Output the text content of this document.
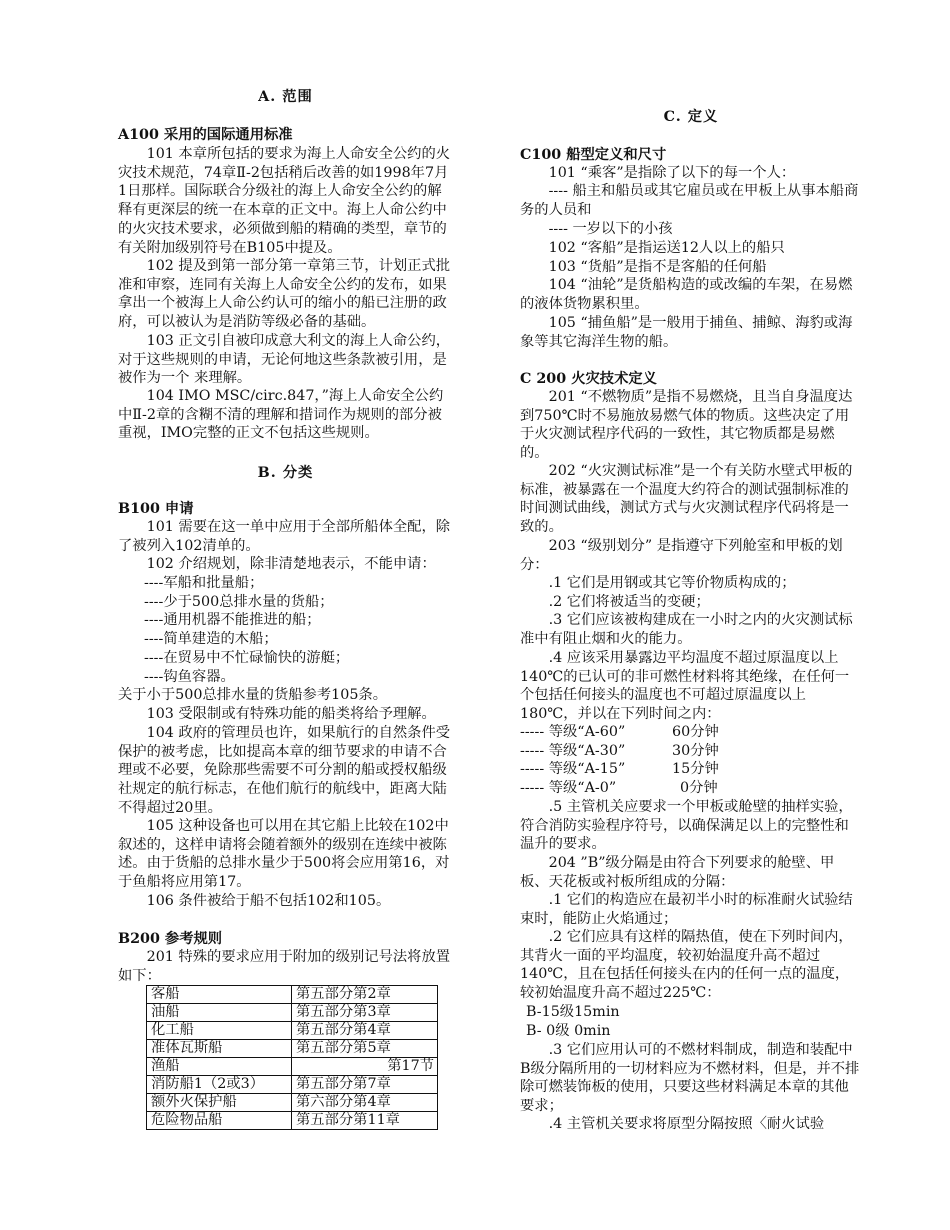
A. 范围
A100 采用的国际通用标准
101 本章所包括的要求为海上人命安全公约的火灾技术规范，74章Ⅱ-2包括稍后改善的如1998年7月1日那样。国际联合分级社的海上人命安全公约的解释有更深层的统一在本章的正文中。海上人命公约中的火灾技术要求，必须做到船的精确的类型，章节的有关附加级别符号在B105中提及。
102 提及到第一部分第一章第三节，计划正式批准和审察，连同有关海上人命安全公约的发布，如果拿出一个被海上人命公约认可的缩小的船已注册的政府，可以被认为是消防等级必备的基础。
103 正文引自被印成意大利文的海上人命公约，对于这些规则的申请，无论何地这些条款被引用，是被作为一个 来理解。
104 IMO MSC/circ.847，”海上人命安全公约中Ⅱ-2章的含糊不清的理解和措词作为规则的部分被重视，IMO完整的正文不包括这些规则。
B. 分类
B100 申请
101 需要在这一单中应用于全部所船体全配，除了被列入102清单的。
102 介绍规划，除非清楚地表示，不能申请：
----军船和批量船；
----少于500总排水量的货船；
----通用机器不能推进的船；
----简单建造的木船；
----在贸易中不忙碌愉快的游艇；
----钩鱼容器。
关于小于500总排水量的货船参考105条。
103 受限制或有特殊功能的船类将给予理解。
104 政府的管理员也许，如果航行的自然条件受保护的被考虑，比如提高本章的细节要求的申请不合理或不必要，免除那些需要不可分割的船或授权船级社规定的航行标志，在他们航行的航线中，距离大陆不得超过20里。
105 这种设备也可以用在其它船上比较在102中叙述的，这样申请将会随着额外的级别在连续中被陈述。由于货船的总排水量少于500将会应用第16，对于鱼船将应用第17。
106 条件被给于船不包括102和105。
B200 参考规则
201 特殊的要求应用于附加的级别记号法将放置如下：
客船	第五部分第2章
油船	第五部分第3章
化工船	第五部分第4章
准体瓦斯船	第五部分第5章
渔船	第17节
消防船1（2或3）	第五部分第7章
额外火保护船	第六部分第4章
危险物品船	第五部分第11章
C. 定义
C100 船型定义和尺寸
101 “乘客”是指除了以下的每一个人：
---- 船主和船员或其它雇员或在甲板上从事本船商务的人员和
---- 一岁以下的小孩
102 “客船”是指运送12人以上的船只
103 “货船”是指不是客船的任何船
104 “油轮”是货船构造的或改编的车架，在易燃的液体货物累积里。
105 “捕鱼船”是一般用于捕鱼、捕鲸、海豹或海象等其它海洋生物的船。
C 200 火灾技术定义
201 “不燃物质”是指不易燃烧，且当自身温度达到750℃时不易施放易燃气体的物质。这些决定了用于火灾测试程序代码的一致性，其它物质都是易燃的。
202 “火灾测试标准”是一个有关防水壁式甲板的标准，被暴露在一个温度大约符合的测试强制标准的时间测试曲线，测试方式与火灾测试程序代码将是一致的。
203 “级别划分” 是指遵守下列舱室和甲板的划分：
.1 它们是用钢或其它等价物质构成的；
.2 它们将被适当的变硬；
.3 它们应该被构建成在一小时之内的火灾测试标准中有阻止烟和火的能力。
.4 应该采用暴露边平均温度不超过原温度以上140℃的已认可的非可燃性材料将其绝缘，在任何一个包括任何接头的温度也不可超过原温度以上180℃，并以在下列时间之内：
----- 等级“A-60”	60分钟
----- 等级“A-30”	30分钟
----- 等级“A-15”	15分钟
----- 等级“A-0”	0分钟
.5 主管机关应要求一个甲板或舱壁的抽样实验，符合消防实验程序符号，以确保满足以上的完整性和温升的要求。
204 ”B”级分隔是由符合下列要求的舱壁、甲板、天花板或衬板所组成的分隔：
.1 它们的构造应在最初半小时的标准耐火试验结束时，能防止火焰通过；
.2 它们应具有这样的隔热值，使在下列时间内，其背火一面的平均温度，较初始温度升高不超过140℃，且在包括任何接头在内的任何一点的温度，较初始温度升高不超过225℃：
B-15级15min
B- 0级 0min
.3 它们应用认可的不燃材料制成，制造和装配中B级分隔所用的一切材料应为不燃材料，但是，并不排除可燃装饰板的使用，只要这些材料满足本章的其他要求；
.4 主管机关要求将原型分隔按照〈耐火试验
